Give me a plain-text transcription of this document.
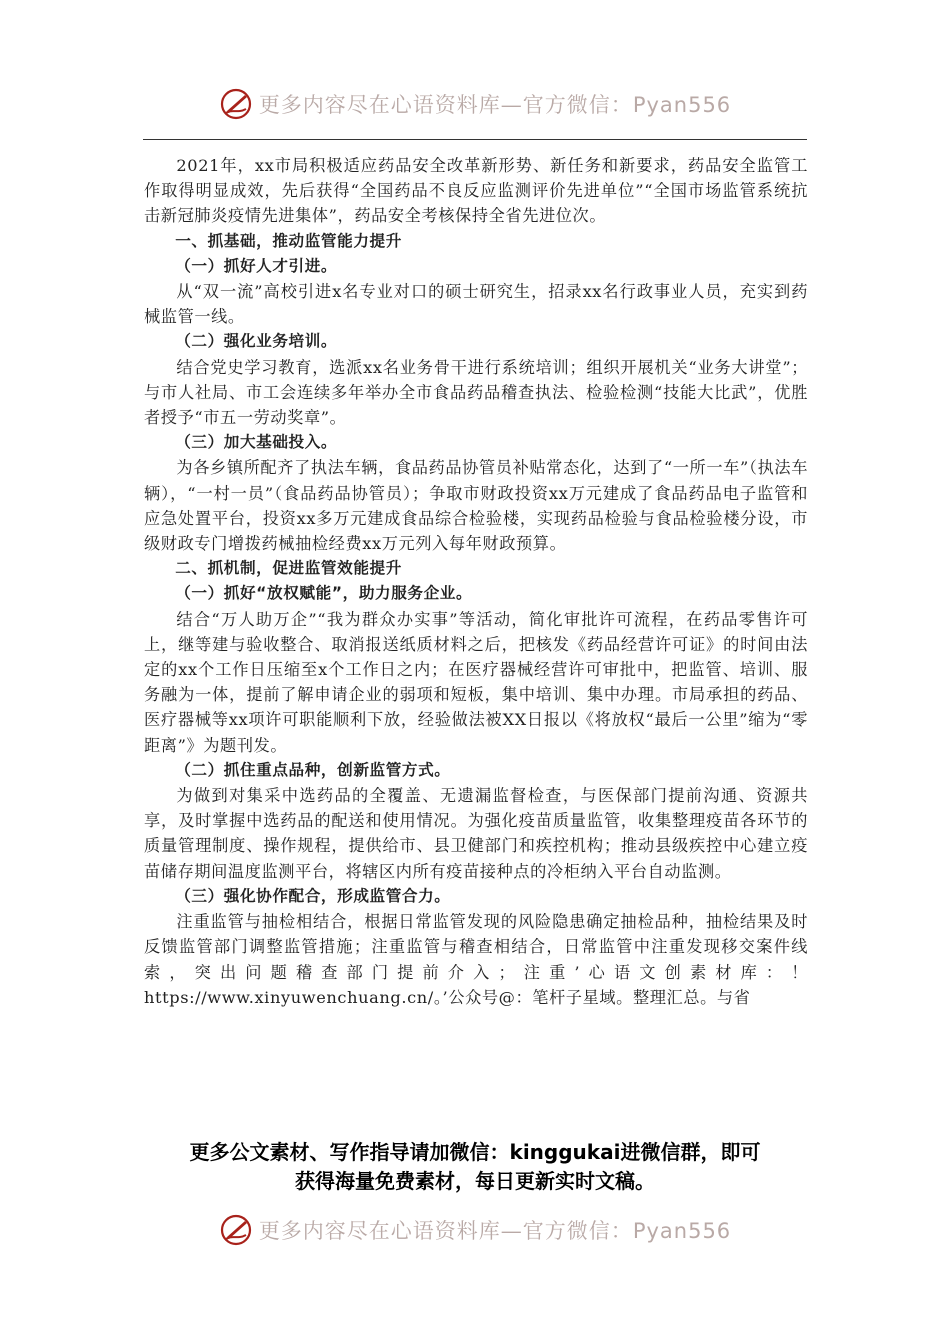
更多内容尽在心语资料库—官方微信：Pyan556

2021年，xx市局积极适应药品安全改革新形势、新任务和新要求，药品安全监管工作取得明显成效，先后获得“全国药品不良反应监测评价先进单位”“全国市场监管系统抗击新冠肺炎疫情先进集体”，药品安全考核保持全省先进位次。

一、抓基础，推动监管能力提升

（一）抓好人才引进。

从“双一流”高校引进x名专业对口的硕士研究生，招录xx名行政事业人员，充实到药械监管一线。

（二）强化业务培训。

结合党史学习教育，选派xx名业务骨干进行系统培训；组织开展机关“业务大讲堂”；与市人社局、市工会连续多年举办全市食品药品稽查执法、检验检测“技能大比武”，优胜者授予“市五一劳动奖章”。

（三）加大基础投入。

为各乡镇所配齐了执法车辆，食品药品协管员补贴常态化，达到了“一所一车”（执法车辆），“一村一员”（食品药品协管员）；争取市财政投资xx万元建成了食品药品电子监管和应急处置平台，投资xx多万元建成食品综合检验楼，实现药品检验与食品检验楼分设，市级财政专门增拨药械抽检经费xx万元列入每年财政预算。

二、抓机制，促进监管效能提升

（一）抓好“放权赋能”，助力服务企业。

结合“万人助万企”“我为群众办实事”等活动，简化审批许可流程，在药品零售许可上，继等建与验收整合、取消报送纸质材料之后，把核发《药品经营许可证》的时间由法定的xx个工作日压缩至x个工作日之内；在医疗器械经营许可审批中，把监管、培训、服务融为一体，提前了解申请企业的弱项和短板，集中培训、集中办理。市局承担的药品、医疗器械等xx项许可职能顺利下放，经验做法被XX日报以《将放权“最后一公里”缩为“零距离”》为题刊发。

（二）抓住重点品种，创新监管方式。

为做到对集采中选药品的全覆盖、无遗漏监督检查，与医保部门提前沟通、资源共享，及时掌握中选药品的配送和使用情况。为强化疫苗质量监管，收集整理疫苗各环节的质量管理制度、操作规程，提供给市、县卫健部门和疾控机构；推动县级疾控中心建立疫苗储存期间温度监测平台，将辖区内所有疫苗接种点的冷柜纳入平台自动监测。

（三）强化协作配合，形成监管合力。

注重监管与抽检相结合，根据日常监管发现的风险隐患确定抽检品种，抽检结果及时反馈监管部门调整监管措施；注重监管与稽查相结合，日常监管中注重发现移交案件线索，突出问题稽查部门提前介入；注重’心语文创素材库：！https://www.xinyuwenchuang.cn/。’公众号@：笔杆子星域。整理汇总。与省

更多公文素材、写作指导请加微信：kinggukai进微信群，即可
获得海量免费素材，每日更新实时文稿。
更多内容尽在心语资料库—官方微信：Pyan556
